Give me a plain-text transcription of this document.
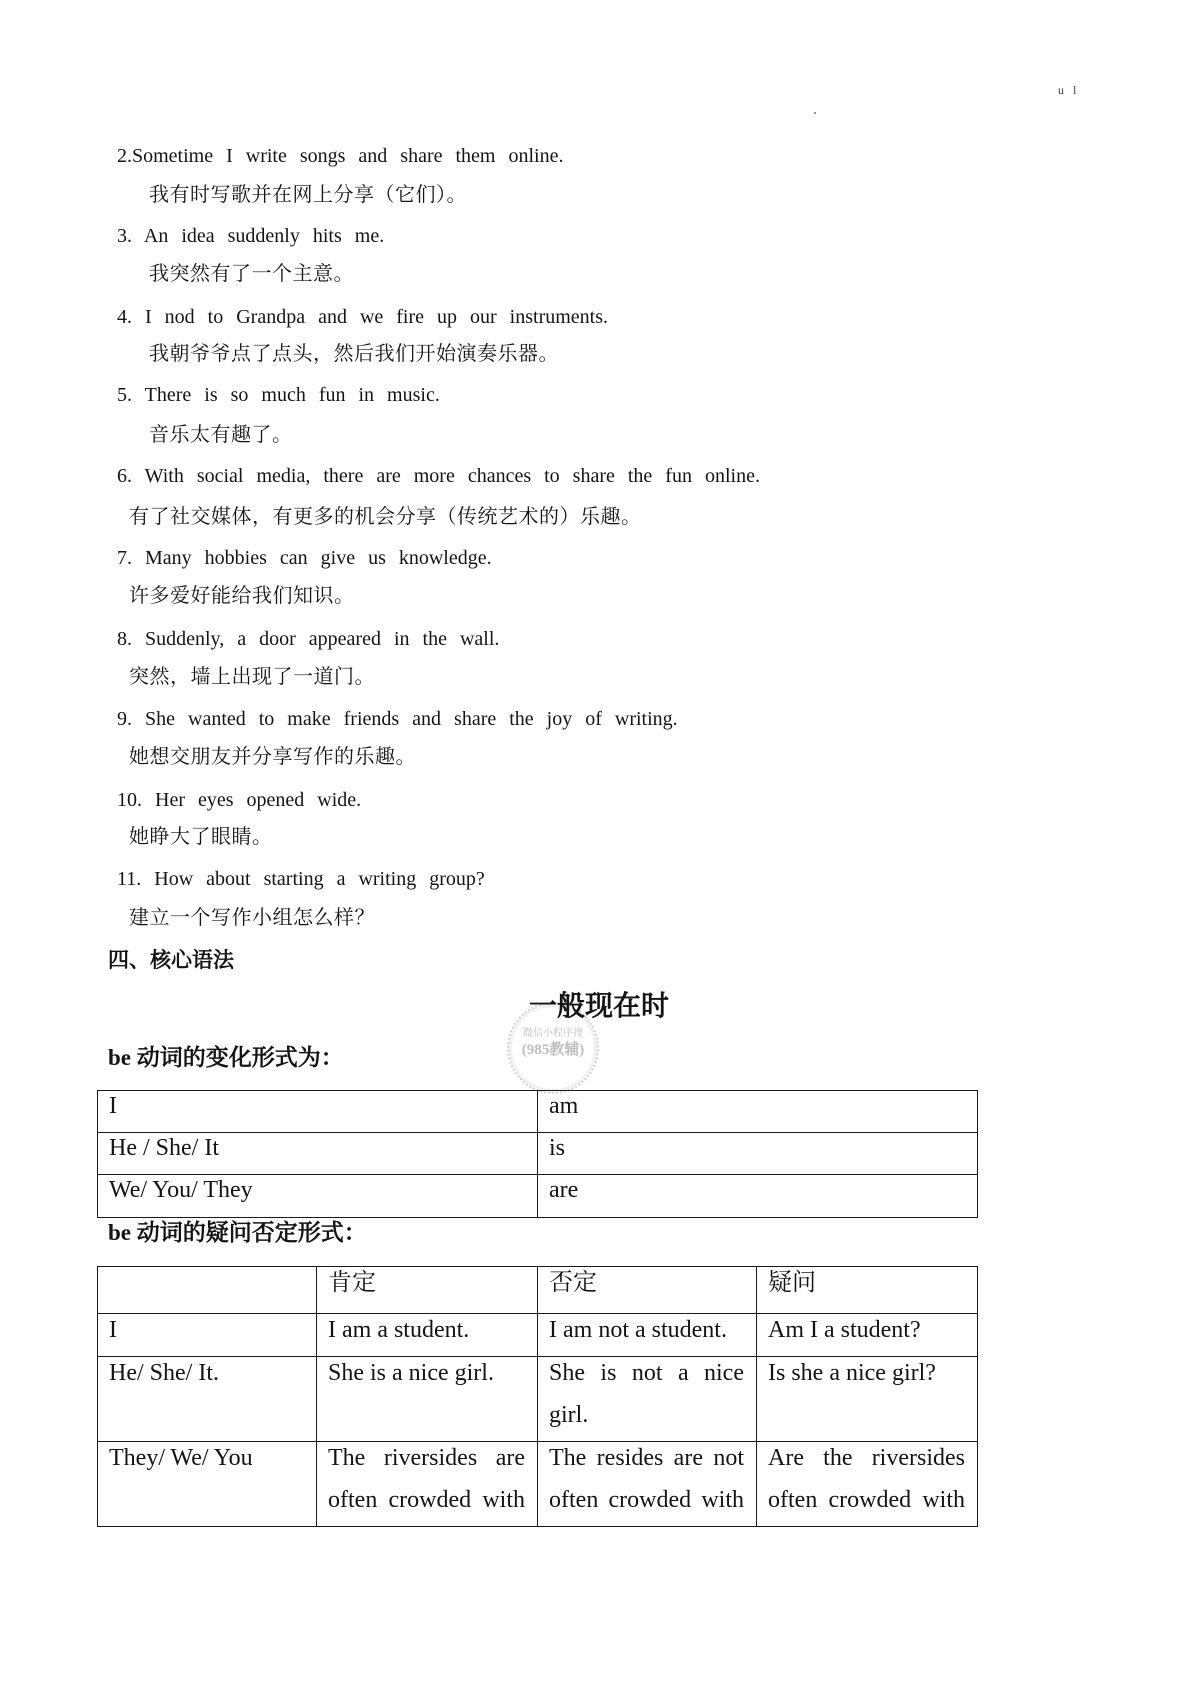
u l
2.Sometime I write songs and share them online.
我有时写歌并在网上分享（它们）。
3. An idea suddenly hits me.
我突然有了一个主意。
4. I nod to Grandpa and we fire up our instruments.
我朝爷爷点了点头，然后我们开始演奏乐器。
5. There is so much fun in music.
音乐太有趣了。
6. With social media, there are more chances to share the fun online.
有了社交媒体，有更多的机会分享（传统艺术的）乐趣。
7. Many hobbies can give us knowledge.
许多爱好能给我们知识。
8. Suddenly, a door appeared in the wall.
突然，墙上出现了一道门。
9. She wanted to make friends and share the joy of writing.
她想交朋友并分享写作的乐趣。
10. Her eyes opened wide.
她睁大了眼睛。
11. How about starting a writing group?
建立一个写作小组怎么样？
四、核心语法
一般现在时
微信小程序搜
(985教辅)
be 动词的变化形式为：
I	am
He / She/ It	is
We/ You/ They	are
be 动词的疑问否定形式：

	肯定	否定	疑问

I	I am a student.	I am not a student.	Am I a student?

He/ She/ It.	She is a nice girl.	She is not a nice girl.	Is she a nice girl?

They/ We/ You	The riversides are often crowded with	The resides are not often crowded with	Are the riversides often crowded with
